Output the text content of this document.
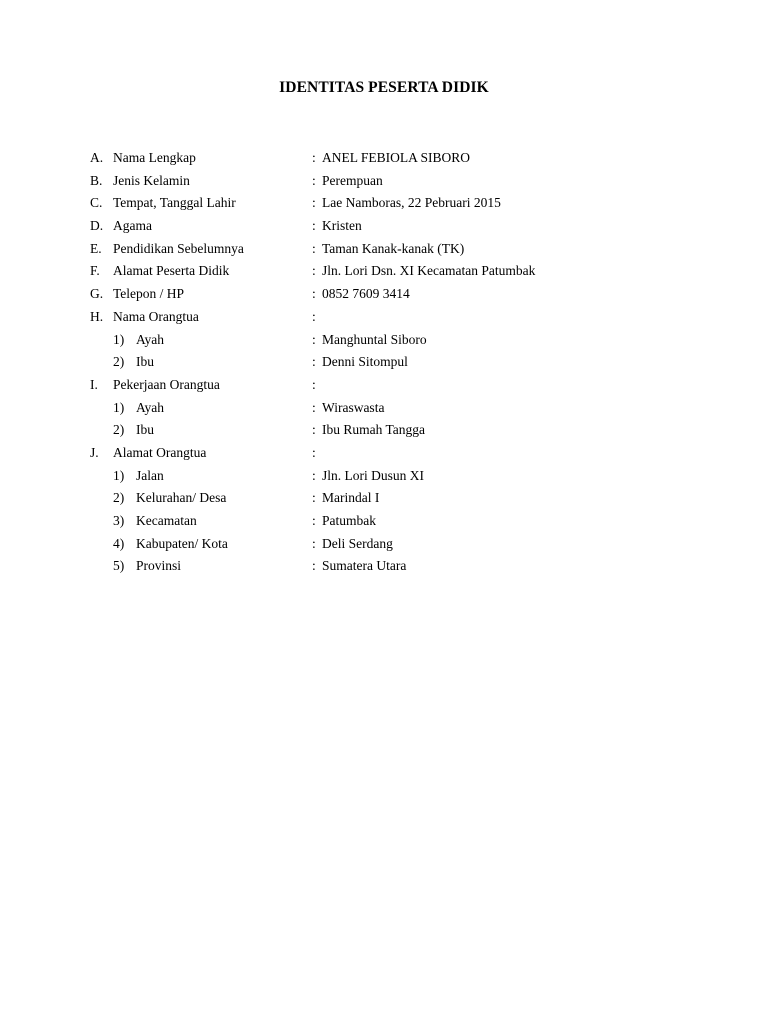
IDENTITAS PESERTA DIDIK
A. Nama Lengkap	: ANEL FEBIOLA SIBORO
B. Jenis Kelamin	: Perempuan
C. Tempat, Tanggal Lahir	: Lae Namboras, 22 Pebruari 2015
D. Agama	: Kristen
E. Pendidikan Sebelumnya	: Taman Kanak-kanak (TK)
F. Alamat Peserta Didik	: Jln. Lori Dsn. XI Kecamatan Patumbak
G. Telepon / HP	: 0852 7609 3414
H. Nama Orangtua	:
1) Ayah	: Manghuntal Siboro
2) Ibu	: Denni Sitompul
I. Pekerjaan Orangtua	:
1) Ayah	: Wiraswasta
2) Ibu	: Ibu Rumah Tangga
J. Alamat Orangtua	:
1) Jalan	: Jln. Lori Dusun XI
2) Kelurahan/ Desa	: Marindal I
3) Kecamatan	: Patumbak
4) Kabupaten/ Kota	: Deli Serdang
5) Provinsi	: Sumatera Utara
